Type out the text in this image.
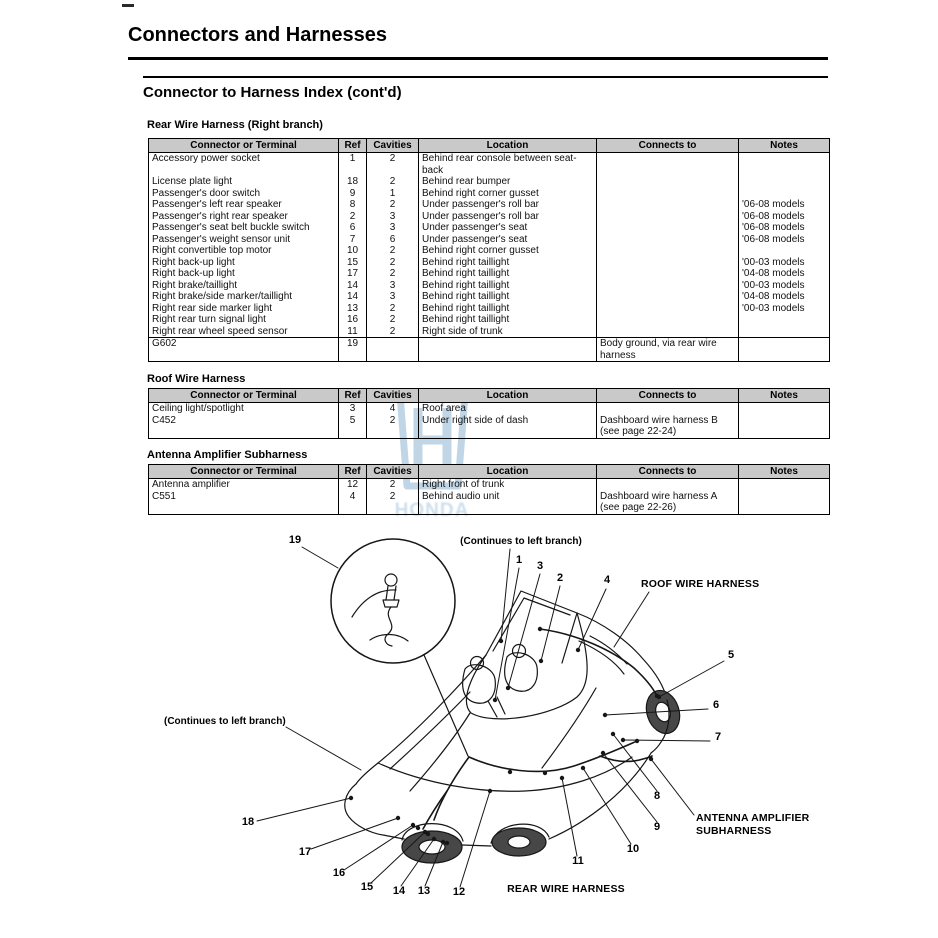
Connectors and Harnesses
Connector to Harness Index (cont'd)
HONDA
Rear Wire Harness (Right branch)
Connector or Terminal	Ref	Cavities	Location	Connects to	Notes
Accessory power socket	1	2	Behind rear console between seat-back		
License plate light	18	2	Behind rear bumper		
Passenger's door switch	9	1	Behind right corner gusset		
Passenger's left rear speaker	8	2	Under passenger's roll bar		'06-08 models
Passenger's right rear speaker	2	3	Under passenger's roll bar		'06-08 models
Passenger's seat belt buckle switch	6	3	Under passenger's seat		'06-08 models
Passenger's weight sensor unit	7	6	Under passenger's seat		'06-08 models
Right convertible top motor	10	2	Behind right corner gusset		
Right back-up light	15	2	Behind right taillight		'00-03 models
Right back-up light	17	2	Behind right taillight		'04-08 models
Right brake/taillight	14	3	Behind right taillight		'00-03 models
Right brake/side marker/taillight	14	3	Behind right taillight		'04-08 models
Right rear side marker light	13	2	Behind right taillight		'00-03 models
Right rear turn signal light	16	2	Behind right taillight		
Right rear wheel speed sensor	11	2	Right side of trunk		
G602	19			Body ground, via rear wire harness	
Roof Wire Harness
Connector or Terminal	Ref	Cavities	Location	Connects to	Notes
Ceiling light/spotlight	3	4	Roof area		
C452	5	2	Under right side of dash	Dashboard wire harness B (see page 22-24)	
Antenna Amplifier Subharness
Connector or Terminal	Ref	Cavities	Location	Connects to	Notes
Antenna amplifier	12	2	Right front of trunk		
C551	4	2	Behind audio unit	Dashboard wire harness A (see page 22-26)	
19	(Continues to left branch)
1 3
2	4	ROOF WIRE HARNESS
5
6
7
(Continues to left branch)
18
17
16
15 14 13 12	REAR WIRE HARNESS
11
10
9
8
ANTENNA AMPLIFIER
SUBHARNESS
